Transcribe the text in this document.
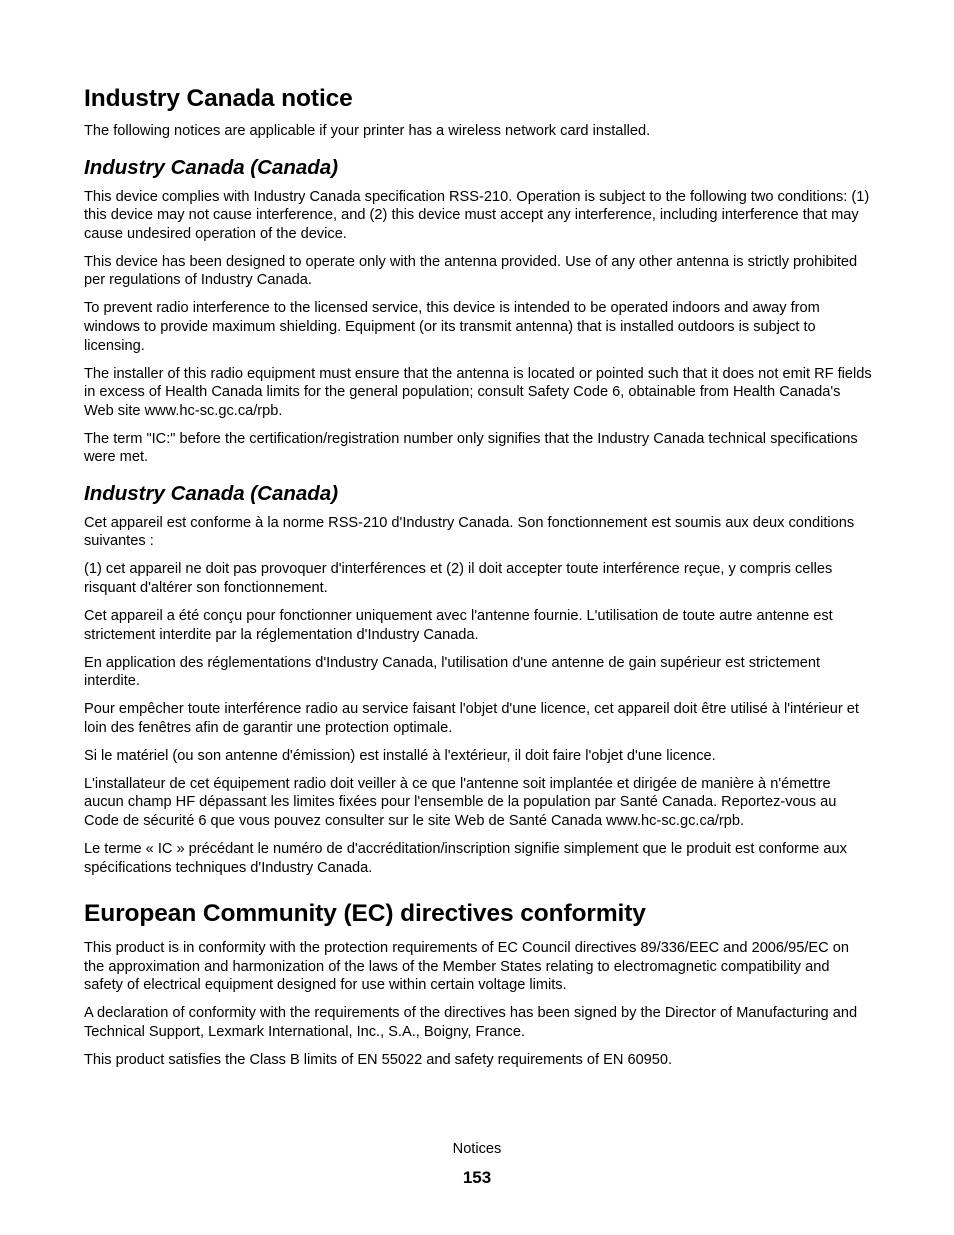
Industry Canada notice

The following notices are applicable if your printer has a wireless network card installed.

Industry Canada (Canada)

This device complies with Industry Canada specification RSS-210. Operation is subject to the following two conditions: (1) this device may not cause interference, and (2) this device must accept any interference, including interference that may cause undesired operation of the device.

This device has been designed to operate only with the antenna provided. Use of any other antenna is strictly prohibited per regulations of Industry Canada.

To prevent radio interference to the licensed service, this device is intended to be operated indoors and away from windows to provide maximum shielding. Equipment (or its transmit antenna) that is installed outdoors is subject to licensing.

The installer of this radio equipment must ensure that the antenna is located or pointed such that it does not emit RF fields in excess of Health Canada limits for the general population; consult Safety Code 6, obtainable from Health Canada's Web site www.hc-sc.gc.ca/rpb.

The term "IC:" before the certification/registration number only signifies that the Industry Canada technical specifications were met.

Industry Canada (Canada)

Cet appareil est conforme à la norme RSS-210 d'Industry Canada. Son fonctionnement est soumis aux deux conditions suivantes :

(1) cet appareil ne doit pas provoquer d'interférences et (2) il doit accepter toute interférence reçue, y compris celles risquant d'altérer son fonctionnement.

Cet appareil a été conçu pour fonctionner uniquement avec l'antenne fournie. L'utilisation de toute autre antenne est strictement interdite par la réglementation d'Industry Canada.

En application des réglementations d'Industry Canada, l'utilisation d'une antenne de gain supérieur est strictement interdite.

Pour empêcher toute interférence radio au service faisant l'objet d'une licence, cet appareil doit être utilisé à l'intérieur et loin des fenêtres afin de garantir une protection optimale.

Si le matériel (ou son antenne d'émission) est installé à l'extérieur, il doit faire l'objet d'une licence.

L'installateur de cet équipement radio doit veiller à ce que l'antenne soit implantée et dirigée de manière à n'émettre aucun champ HF dépassant les limites fixées pour l'ensemble de la population par Santé Canada. Reportez-vous au Code de sécurité 6 que vous pouvez consulter sur le site Web de Santé Canada www.hc-sc.gc.ca/rpb.

Le terme « IC » précédant le numéro de d'accréditation/inscription signifie simplement que le produit est conforme aux spécifications techniques d'Industry Canada.

European Community (EC) directives conformity

This product is in conformity with the protection requirements of EC Council directives 89/336/EEC and 2006/95/EC on the approximation and harmonization of the laws of the Member States relating to electromagnetic compatibility and safety of electrical equipment designed for use within certain voltage limits.

A declaration of conformity with the requirements of the directives has been signed by the Director of Manufacturing and Technical Support, Lexmark International, Inc., S.A., Boigny, France.

This product satisfies the Class B limits of EN 55022 and safety requirements of EN 60950.

Notices
153
